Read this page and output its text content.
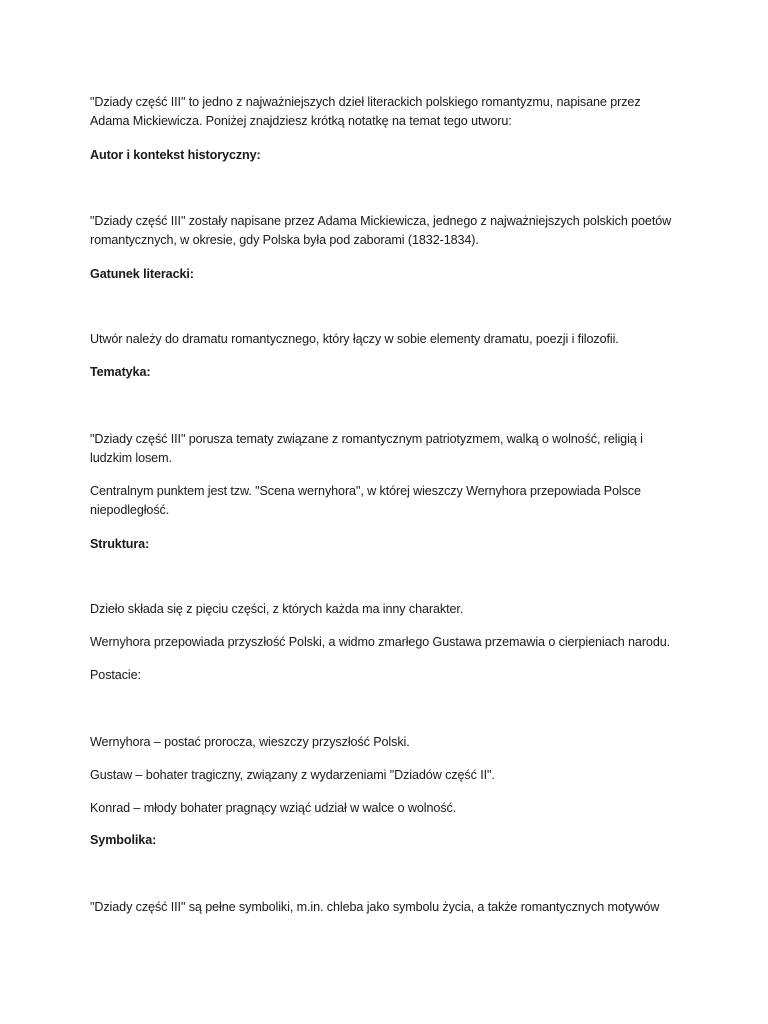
"Dziady część III" to jedno z najważniejszych dzieł literackich polskiego romantyzmu, napisane przez

Adama Mickiewicza. Poniżej znajdziesz krótką notatkę na temat tego utworu:

Autor i kontekst historyczny:

"Dziady część III" zostały napisane przez Adama Mickiewicza, jednego z najważniejszych polskich poetów

romantycznych, w okresie, gdy Polska była pod zaborami (1832-1834).

Gatunek literacki:

Utwór należy do dramatu romantycznego, który łączy w sobie elementy dramatu, poezji i filozofii.

Tematyka:

"Dziady część III" porusza tematy związane z romantycznym patriotyzmem, walką o wolność, religią i

ludzkim losem.

Centralnym punktem jest tzw. "Scena wernyhora", w której wieszczy Wernyhora przepowiada Polsce

niepodległość.

Struktura:

Dzieło składa się z pięciu części, z których każda ma inny charakter.

Wernyhora przepowiada przyszłość Polski, a widmo zmarłego Gustawa przemawia o cierpieniach narodu.

Postacie:

Wernyhora – postać prorocza, wieszczy przyszłość Polski.

Gustaw – bohater tragiczny, związany z wydarzeniami "Dziadów część II".

Konrad – młody bohater pragnący wziąć udział w walce o wolność.

Symbolika:

"Dziady część III" są pełne symboliki, m.in. chleba jako symbolu życia, a także romantycznych motywów
